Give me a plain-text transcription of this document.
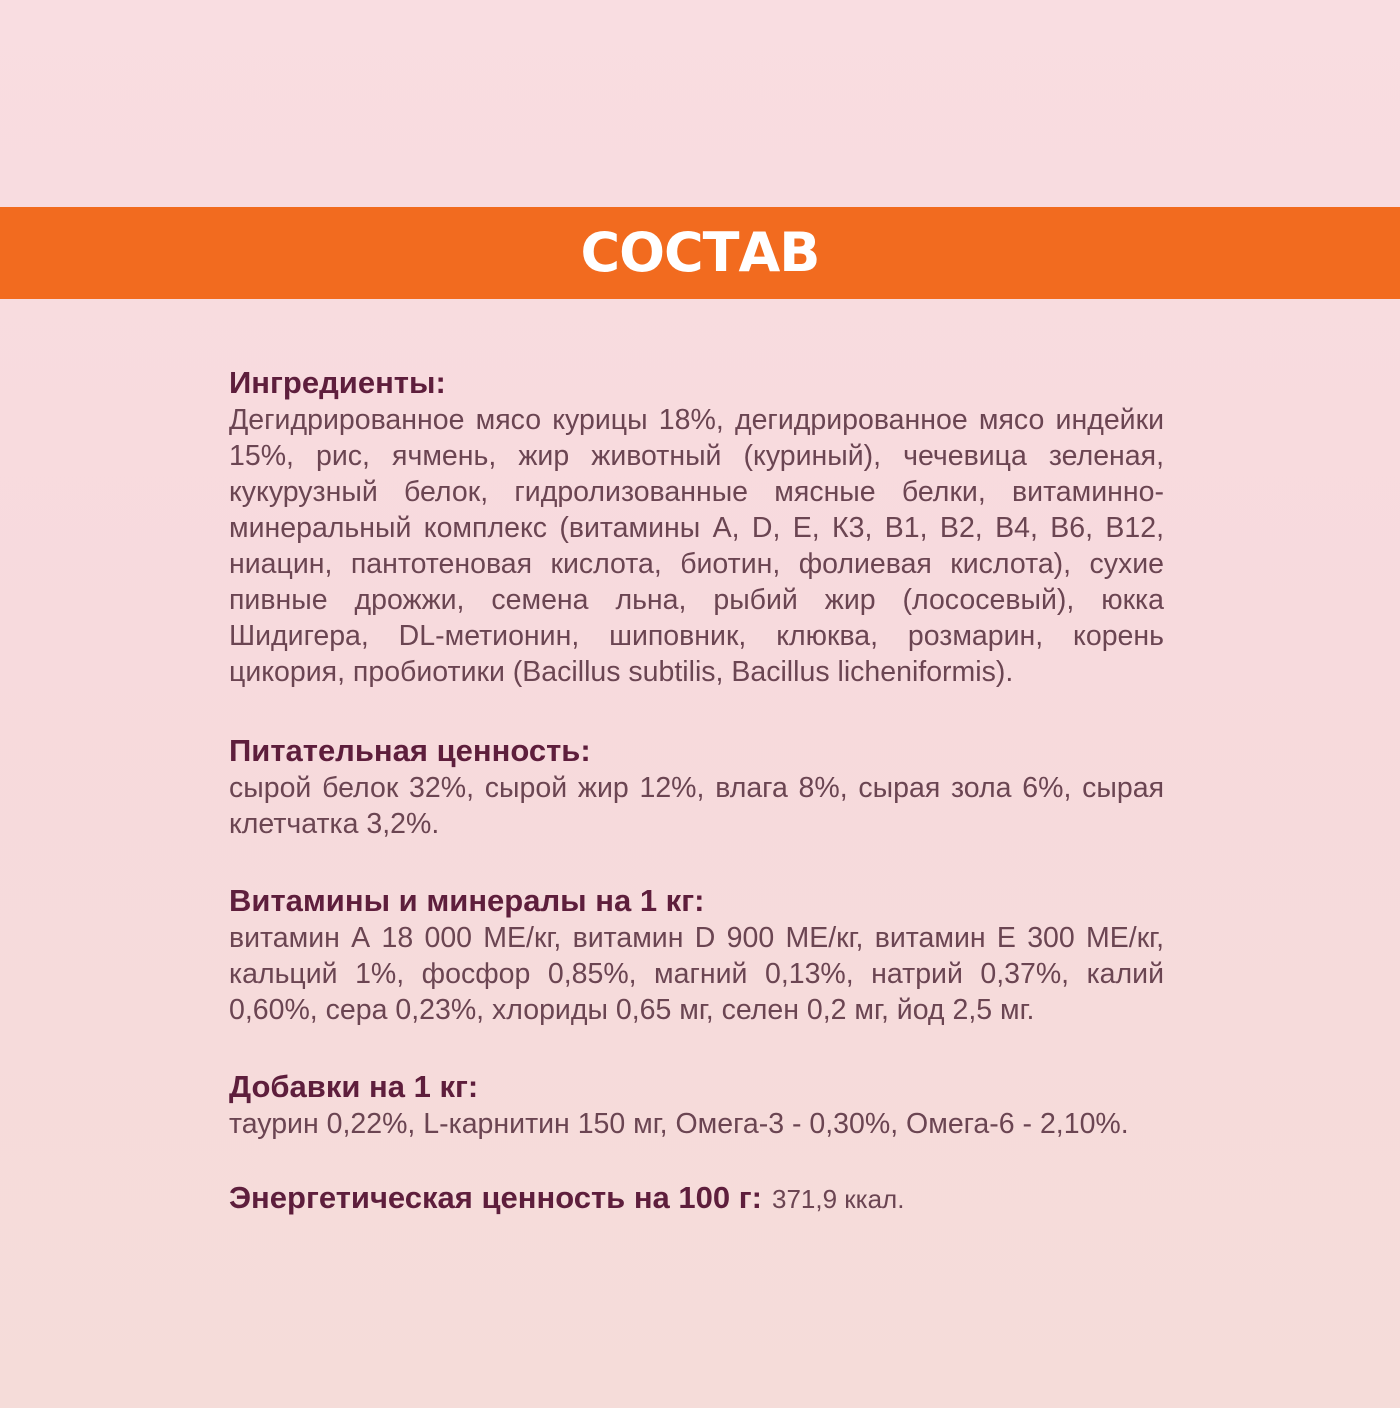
СОСТАВ

Ингредиенты:

Дегидрированное мясо курицы 18%, дегидрированное мясо индейки 15%, рис, ячмень, жир животный (куриный), чечевица зеленая, кукурузный белок, гидролизованные мясные белки, витаминно-минеральный комплекс (витамины A, D, E, К3, В1, В2, В4, В6, В12, ниацин, пантотеновая кислота, биотин, фолиевая кислота), сухие пивные дрожжи, семена льна, рыбий жир (лососевый), юкка Шидигера, DL-метионин, шиповник, клюква, розмарин, корень цикория, пробиотики (Bacillus subtilis, Bacillus licheniformis).

Питательная ценность:

сырой белок 32%, сырой жир 12%, влага 8%, сырая зола 6%, сырая клетчатка 3,2%.

Витамины и минералы на 1 кг:

витамин А 18 000 МЕ/кг, витамин D 900 МЕ/кг, витамин Е 300 МЕ/кг, кальций 1%, фосфор 0,85%, магний 0,13%, натрий 0,37%, калий 0,60%, сера 0,23%, хлориды 0,65 мг, селен 0,2 мг, йод 2,5 мг.

Добавки на 1 кг:

таурин 0,22%, L-карнитин 150 мг, Омега-3 - 0,30%, Омега-6 - 2,10%.

Энергетическая ценность на 100 г: 371,9 ккал.
